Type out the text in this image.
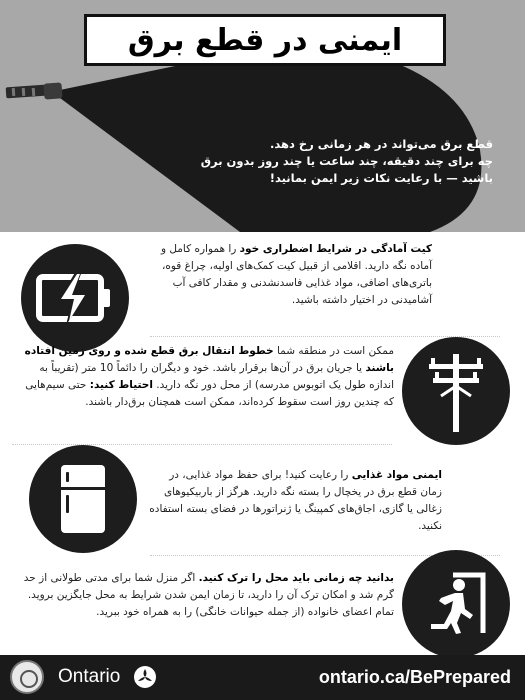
ایمنی در قطع برق

قطع برق می‌تواند در هر زمانی رخ دهد.

چه برای چند دقیقه، چند ساعت یا چند روز بدون برق

باشید — با رعایت نکات زیر ایمن بمانید!

کیت آمادگی در شرایط اضطراری خود را همواره کامل و آماده نگه دارید. اقلامی از قبیل کیت کمک‌های اولیه، چراغ قوه، باتری‌های اضافی، مواد غذایی فاسدنشدنی و مقدار کافی آب آشامیدنی در اختیار داشته باشید.

ممکن است در منطقه شما خطوط انتقال برق قطع شده و روی زمین افتاده باشند یا جریان برق در آن‌ها برقرار باشد. خود و دیگران را دائماً 10 متر (تقریباً به اندازه طول یک اتوبوس مدرسه) از محل دور نگه دارید. احتیاط کنید: حتی سیم‌هایی که چندین روز است سقوط کرده‌اند، ممکن است همچنان برق‌دار باشند.

ایمنی مواد غذایی را رعایت کنید! برای حفظ مواد غذایی، در زمان قطع برق در یخچال را بسته نگه دارید. هرگز از باربیکیوهای زغالی یا گازی، اجاق‌های کمپینگ یا ژنراتورها در فضای بسته استفاده نکنید.

بدانید چه زمانی باید محل را ترک کنید. اگر منزل شما برای مدتی طولانی از حد گرم شد و امکان ترک آن را دارید، تا زمان ایمن شدن شرایط به محل جایگزین بروید. تمام اعضای خانواده (از جمله حیوانات خانگی) را به همراه خود ببرید.

Ontario	ontario.ca/BePrepared
